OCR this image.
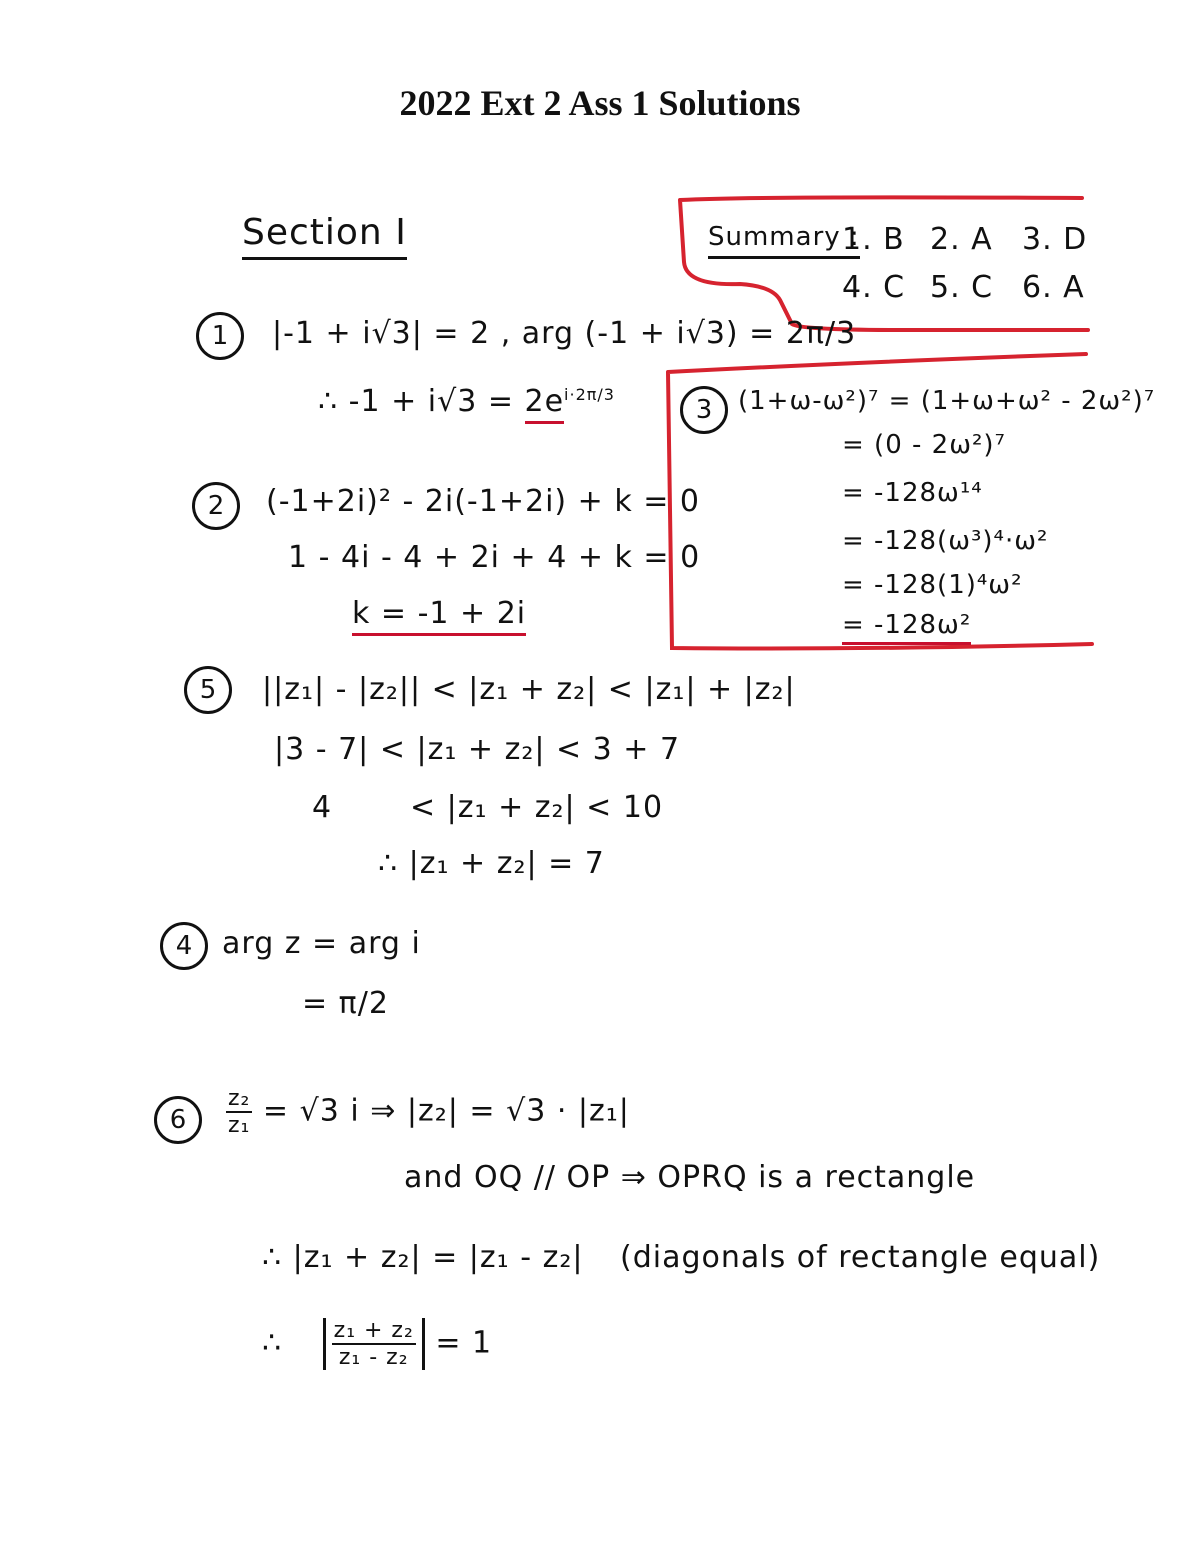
2022 Ext 2 Ass 1 Solutions
Section I	Summary :
1. B 2. A 3. D
4. C 5. C 6. A
1	|-1 + i√3| = 2 , arg (-1 + i√3) = 2π/3
∴ $-1 + i√3 = 2e^{i\cdot 2\pi/3}$
2	(-1+2i)² - 2i(-1+2i) + k = 0
1 - 4i - 4 + 2i + 4 + k = 0
k = -1 + 2i
3 (1+ω-ω²)⁷ = (1+ω+ω² - 2ω²)⁷
= (0 - 2ω²)⁷
= -128ω¹⁴
= -128(ω³)⁴·ω²
= -128(1)⁴ω²
= -128ω²
5	||z₁| - |z₂|| < |z₁ + z₂| < |z₁| + |z₂|
|3 - 7| < |z₁ + z₂| < 3 + 7
4	< |z₁ + z₂| < 10
∴ |z₁ + z₂| = 7
4 arg z = arg i
= π/2
6	$\frac{\text{z₂}}{\text{z₁}} = √3$ i ⇒ |z₂| = √3 · |z₁|
and OQ // OP ⇒ OPRQ is a rectangle
∴ |z₁ + z₂| = |z₁ - z₂| (diagonals of rectangle equal)
∴ $\frac{\text{z₁ + z₂}}{\text{z₁ - z₂}} = 1$
